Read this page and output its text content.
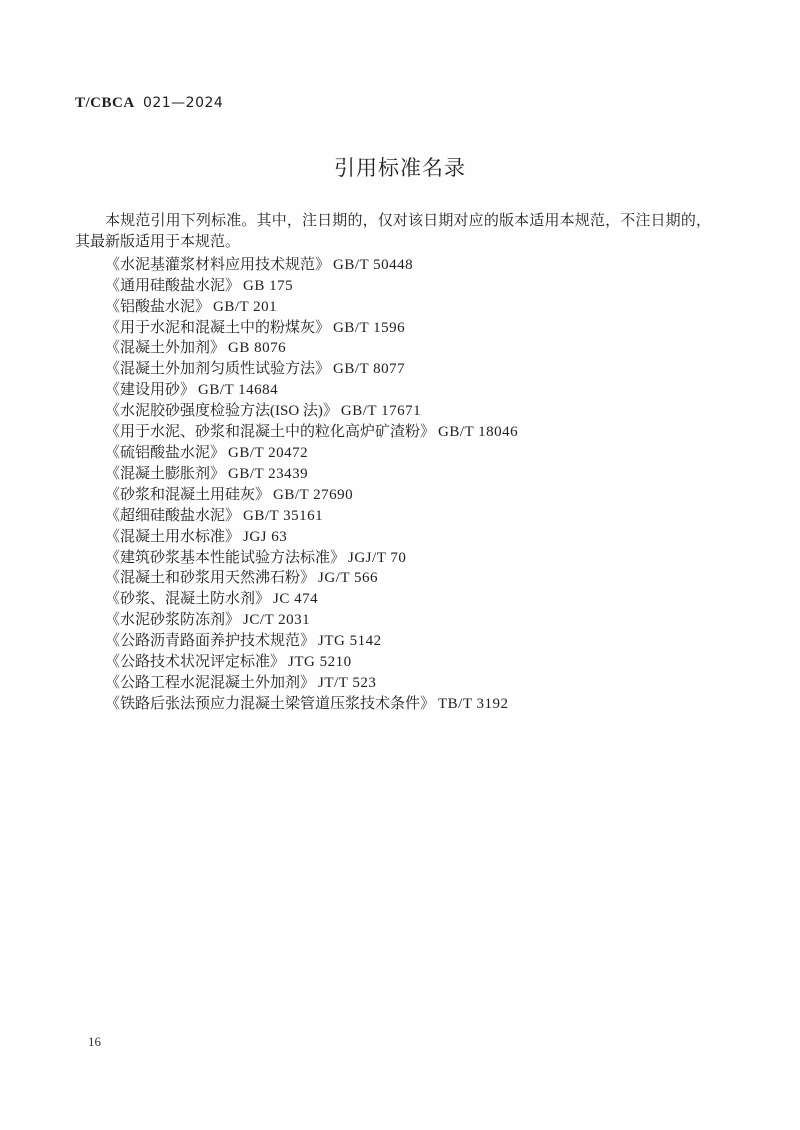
T/CBCA 021—2024
引用标准名录

本规范引用下列标准。其中，注日期的，仅对该日期对应的版本适用本规范，不注日期的，其最新版适用于本规范。

《水泥基灌浆材料应用技术规范》 GB/T 50448
《通用硅酸盐水泥》 GB 175
《铝酸盐水泥》 GB/T 201
《用于水泥和混凝土中的粉煤灰》 GB/T 1596
《混凝土外加剂》 GB 8076
《混凝土外加剂匀质性试验方法》 GB/T 8077
《建设用砂》 GB/T 14684
《水泥胶砂强度检验方法(ISO 法)》 GB/T 17671
《用于水泥、砂浆和混凝土中的粒化高炉矿渣粉》 GB/T 18046
《硫铝酸盐水泥》 GB/T 20472
《混凝土膨胀剂》 GB/T 23439
《砂浆和混凝土用硅灰》 GB/T 27690
《超细硅酸盐水泥》 GB/T 35161
《混凝土用水标准》 JGJ 63
《建筑砂浆基本性能试验方法标准》 JGJ/T 70
《混凝土和砂浆用天然沸石粉》 JG/T 566
《砂浆、混凝土防水剂》 JC 474
《水泥砂浆防冻剂》 JC/T 2031
《公路沥青路面养护技术规范》 JTG 5142
《公路技术状况评定标准》 JTG 5210
《公路工程水泥混凝土外加剂》 JT/T 523
《铁路后张法预应力混凝土梁管道压浆技术条件》 TB/T 3192
16
